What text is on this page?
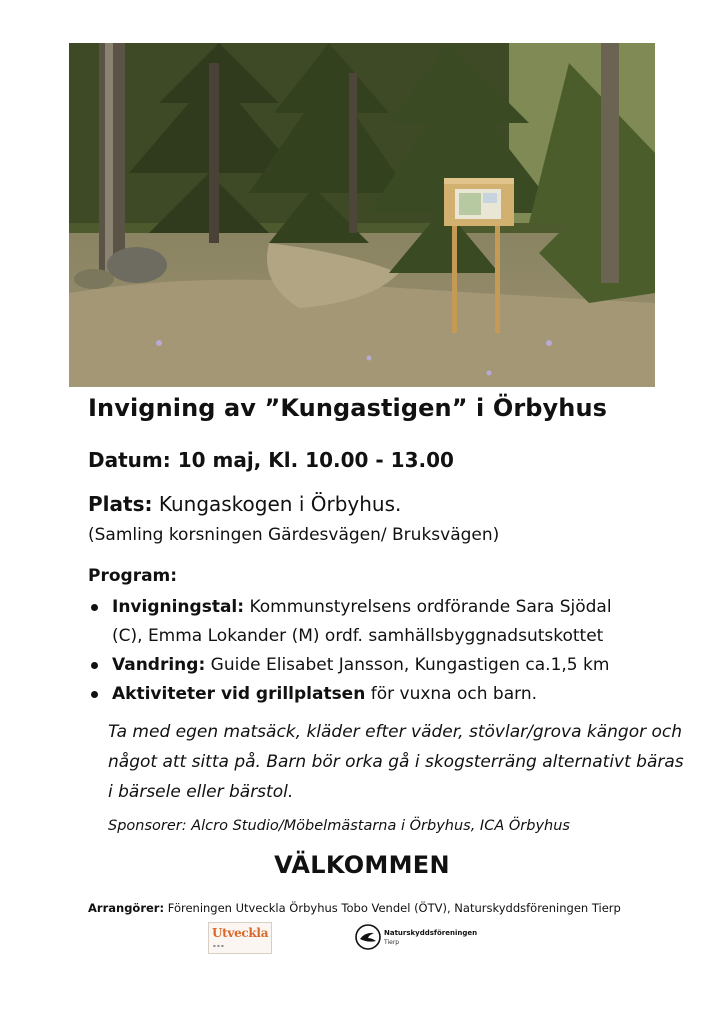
Invigning av ”Kungastigen” i Örbyhus
Datum: 10 maj, Kl. 10.00 - 13.00
Plats: Kungaskogen i Örbyhus.
(Samling korsningen Gärdesvägen/ Bruksvägen)
Program:
Invigningstal: Kommunstyrelsens ordförande Sara Sjödal
(C), Emma Lokander (M) ordf. samhällsbyggnadsutskottet
Vandring: Guide Elisabet Jansson, Kungastigen ca.1,5 km
Aktiviteter vid grillplatsen för vuxna och barn.
Ta med egen matsäck, kläder efter väder, stövlar/grova kängor och något att sitta på. Barn bör orka gå i skogsterräng alternativt bäras i bärsele eller bärstol.
Sponsorer: Alcro Studio/Möbelmästarna i Örbyhus, ICA Örbyhus
VÄLKOMMEN
Arrangörer: Föreningen Utveckla Örbyhus Tobo Vendel (ÖTV), Naturskyddsföreningen Tierp
Utveckla
▪ ▪ ▪
Naturskyddsföreningen
Tierp
